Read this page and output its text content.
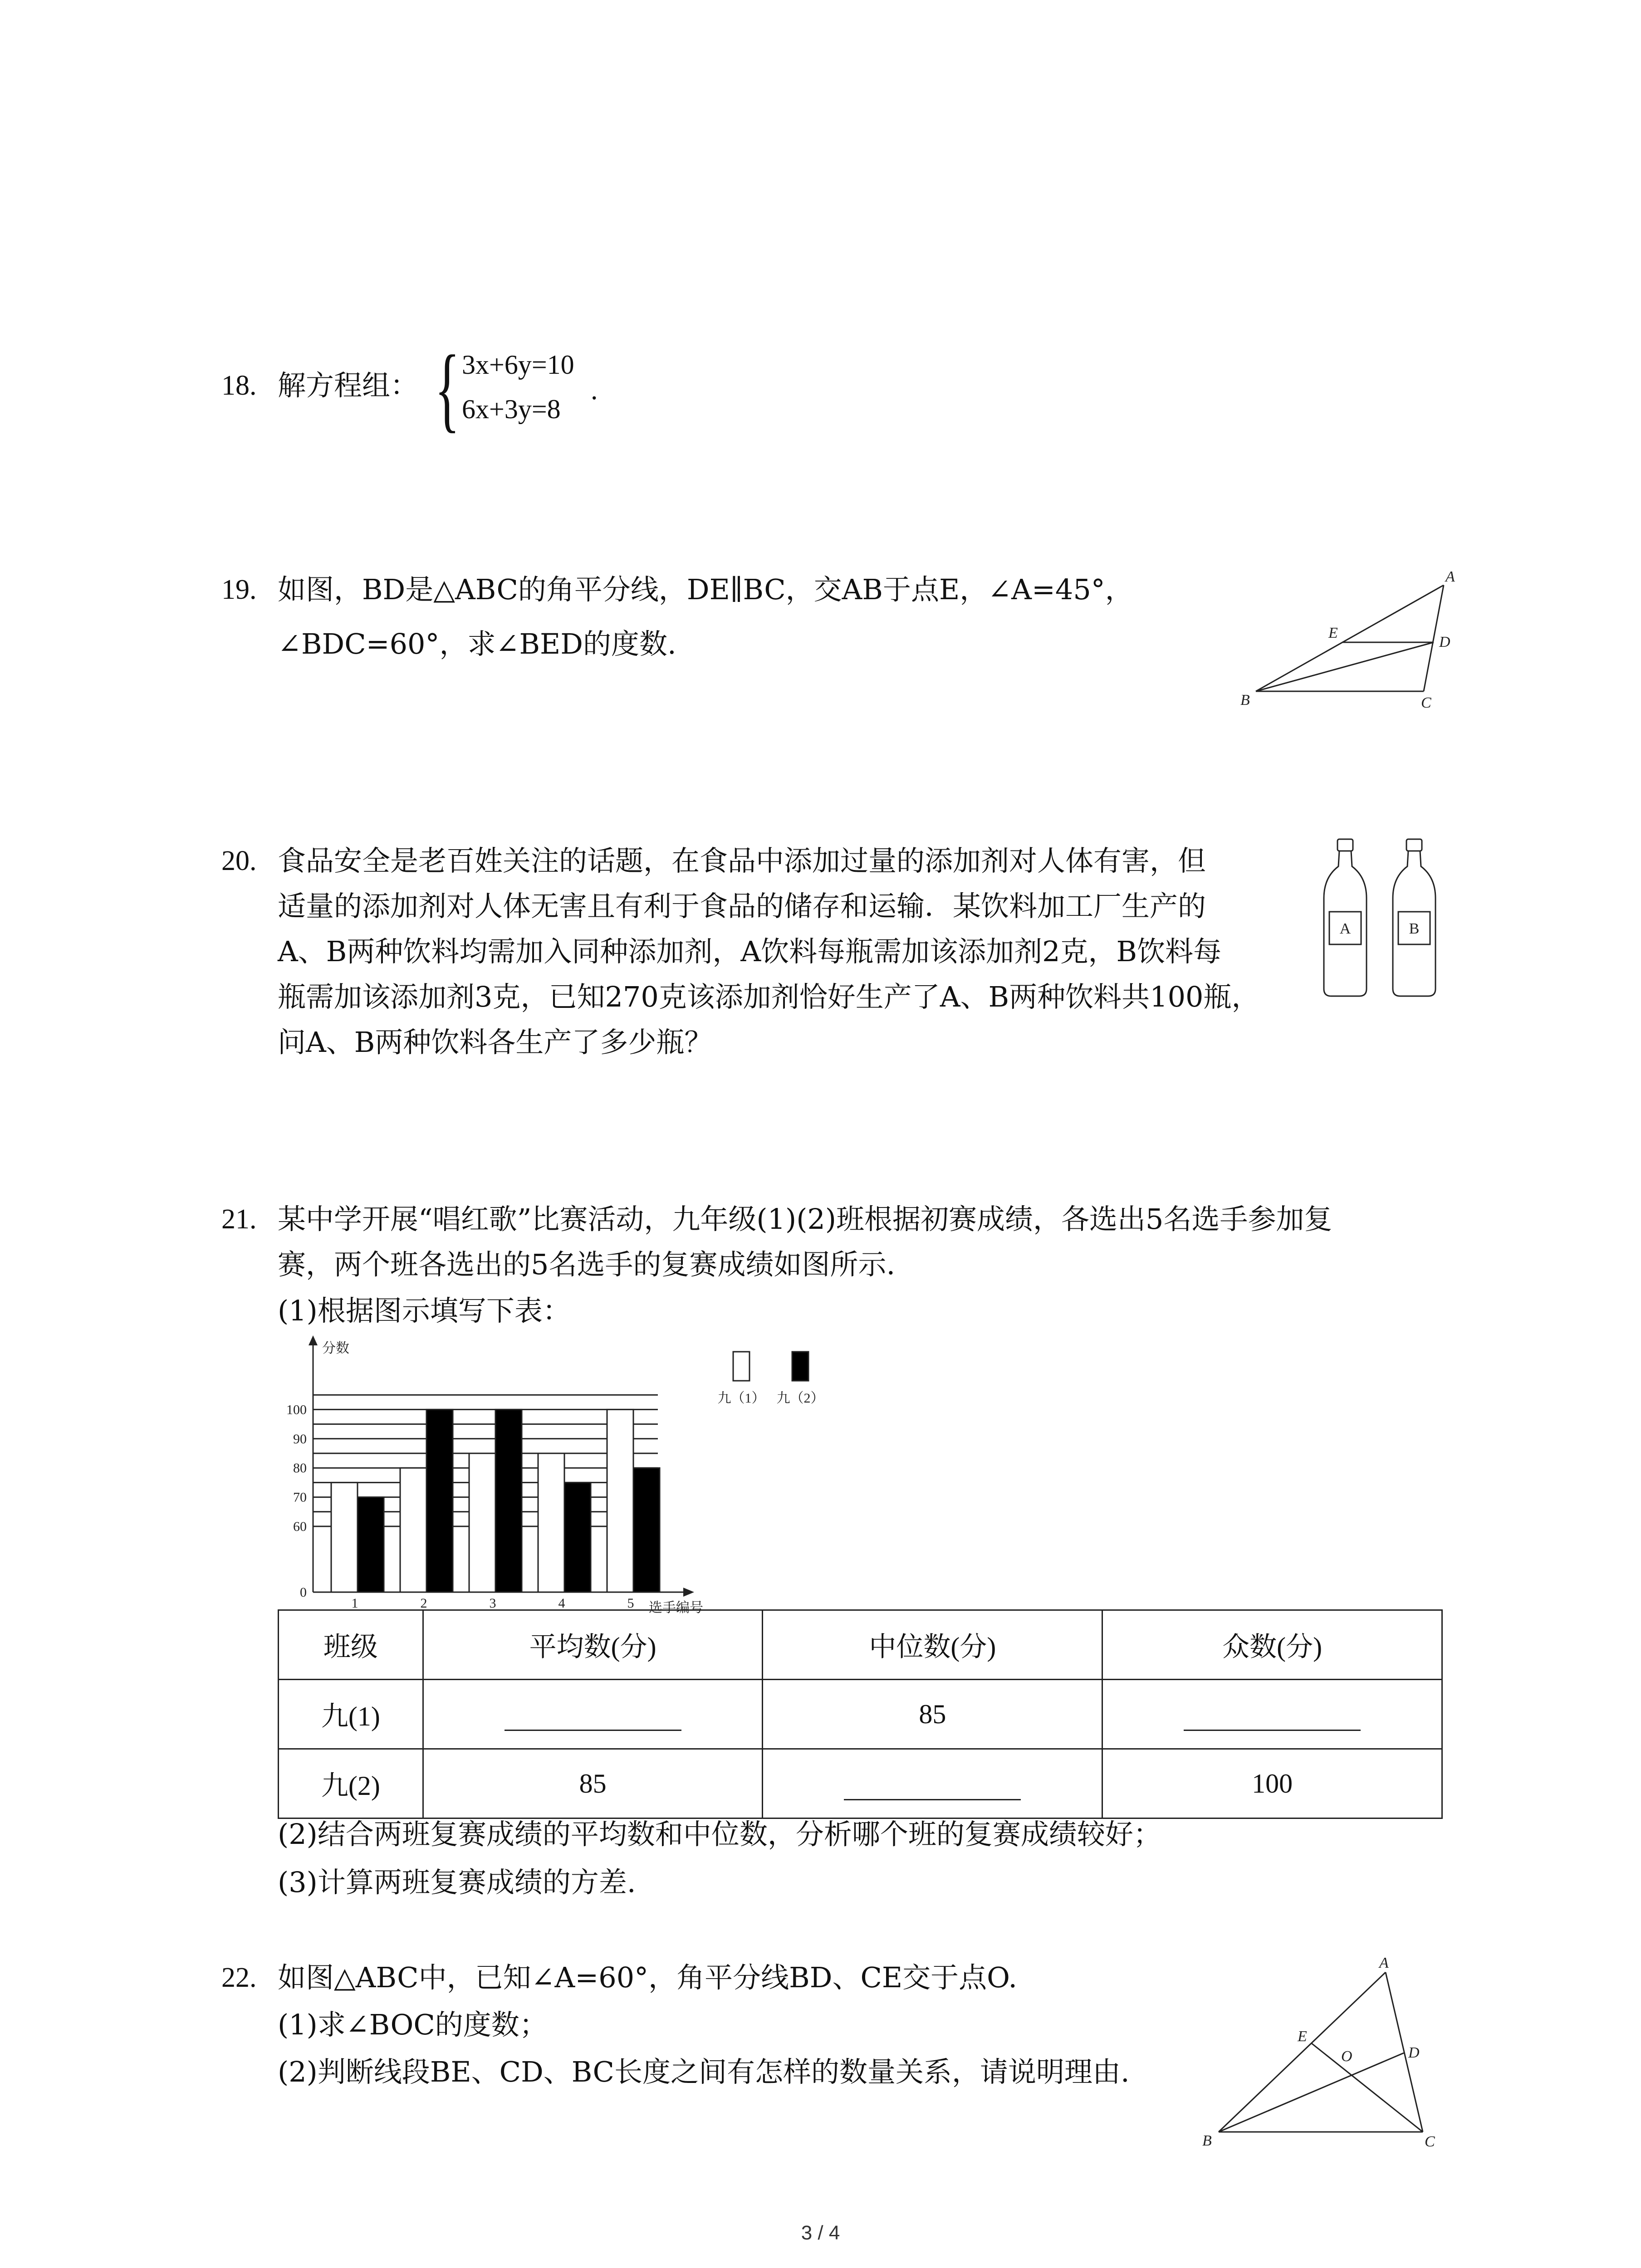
18. 解方程组： { 3x+6y=10
6x+3y=8
.
19. 如图，BD是△ABC的角平分线，DE∥BC，交AB于点E，∠A=45°，
∠BDC=60°，求∠BED的度数.
A
B	C
D
E
20. 食品安全是老百姓关注的话题，在食品中添加过量的添加剂对人体有害，但
适量的添加剂对人体无害且有利于食品的储存和运输．某饮料加工厂生产的
A、B两种饮料均需加入同种添加剂，A饮料每瓶需加该添加剂2克，B饮料每
瓶需加该添加剂3克，已知270克该添加剂恰好生产了A、B两种饮料共100瓶，
问A、B两种饮料各生产了多少瓶？
A	B
21. 某中学开展“唱红歌”比赛活动，九年级(1)(2)班根据初赛成绩，各选出5名选手参加复
赛，两个班各选出的5名选手的复赛成绩如图所示.
(1)根据图示填写下表：
分数
选手编号
0
60
70
80
90
100
1	2	3	4	5
九（1） 九（2）
班级	平均数(分)	中位数(分)	众数(分)
九(1)		85	
九(2)	85		100
(2)结合两班复赛成绩的平均数和中位数，分析哪个班的复赛成绩较好；
(3)计算两班复赛成绩的方差.
22. 如图△ABC中，已知∠A=60°，角平分线BD、CE交于点O.
(1)求∠BOC的度数；
(2)判断线段BE、CD、BC长度之间有怎样的数量关系，请说明理由.
A
B	C
D
E
O
3 / 4
